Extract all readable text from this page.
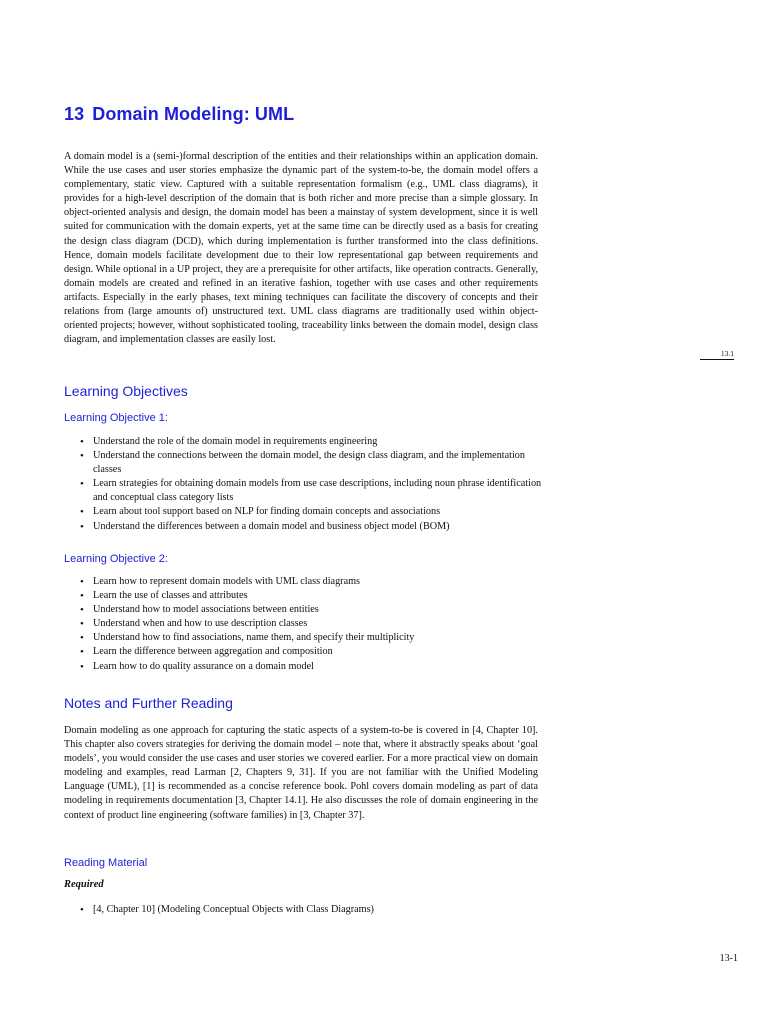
13 Domain Modeling: UML

A domain model is a (semi-)formal description of the entities and their relationships within an application domain. While the use cases and user stories emphasize the dynamic part of the system-to-be, the domain model offers a complementary, static view. Captured with a suitable representation formalism (e.g., UML class diagrams), it provides for a high-level description of the domain that is both richer and more precise than a simple glossary. In object-oriented analysis and design, the domain model has been a mainstay of system development, since it is well suited for communication with the domain experts, yet at the same time can be directly used as a basis for creating the design class diagram (DCD), which during implementation is further transformed into the class definitions. Hence, domain models facilitate development due to their low representational gap between requirements and design. While optional in a UP project, they are a prerequisite for other artifacts, like operation contracts. Generally, domain models are created and refined in an iterative fashion, together with use cases and other requirements artifacts. Especially in the early phases, text mining techniques can facilitate the discovery of concepts and their relations from (large amounts of) unstructured text. UML class diagrams are traditionally used within object-oriented projects; however, without sophisticated tooling, traceability links between the domain model, design class diagram, and implementation classes are easily lost.

13.1
Learning Objectives
Learning Objective 1:
• Understand the role of the domain model in requirements engineering
• Understand the connections between the domain model, the design class diagram, and the implementation classes
• Learn strategies for obtaining domain models from use case descriptions, including noun phrase identification and conceptual class category lists
• Learn about tool support based on NLP for finding domain concepts and associations
• Understand the differences between a domain model and business object model (BOM)
Learning Objective 2:
• Learn how to represent domain models with UML class diagrams
• Learn the use of classes and attributes
• Understand how to model associations between entities
• Understand when and how to use description classes
• Understand how to find associations, name them, and specify their multiplicity
• Learn the difference between aggregation and composition
• Learn how to do quality assurance on a domain model
Notes and Further Reading

Domain modeling as one approach for capturing the static aspects of a system-to-be is covered in [4, Chapter 10]. This chapter also covers strategies for deriving the domain model – note that, where it abstractly speaks about ‘goal models’, you would consider the use cases and user stories we covered earlier. For a more practical view on domain modeling and examples, read Larman [2, Chapters 9, 31]. If you are not familiar with the Unified Modeling Language (UML), [1] is recommended as a concise reference book. Pohl covers domain modeling as part of data modeling in requirements documentation [3, Chapter 14.1]. He also discusses the role of domain engineering in the context of product line engineering (software families) in [3, Chapter 37].

Reading Material

Required

• [4, Chapter 10] (Modeling Conceptual Objects with Class Diagrams)
13-1
